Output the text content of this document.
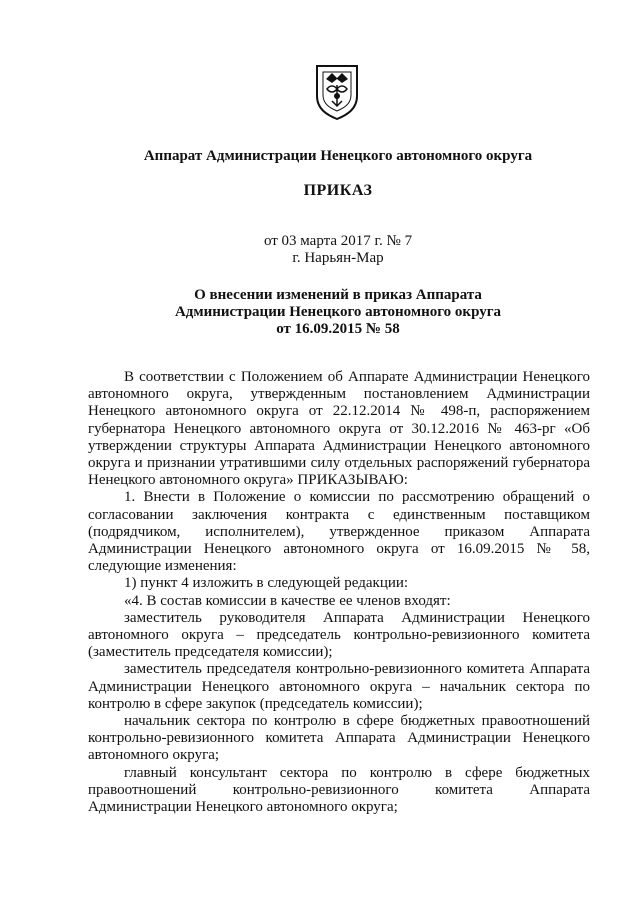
Аппарат Администрации Ненецкого автономного округа
ПРИКАЗ
от 03 марта 2017 г. № 7
г. Нарьян-Мар
О внесении изменений в приказ Аппарата
Администрации Ненецкого автономного округа
от 16.09.2015 № 58

В соответствии с Положением об Аппарате Администрации Ненецкого автономного округа, утвержденным постановлением Администрации Ненецкого автономного округа от 22.12.2014 № 498-п, распоряжением губернатора Ненецкого автономного округа от 30.12.2016 № 463-рг «Об утверждении структуры Аппарата Администрации Ненецкого автономного округа и признании утратившими силу отдельных распоряжений губернатора Ненецкого автономного округа» ПРИКАЗЫВАЮ:

1. Внести в Положение о комиссии по рассмотрению обращений о согласовании заключения контракта с единственным поставщиком (подрядчиком, исполнителем), утвержденное приказом Аппарата Администрации Ненецкого автономного округа от 16.09.2015 № 58, следующие изменения:

1) пункт 4 изложить в следующей редакции:

«4. В состав комиссии в качестве ее членов входят:

заместитель руководителя Аппарата Администрации Ненецкого автономного округа – председатель контрольно-ревизионного комитета (заместитель председателя комиссии);

заместитель председателя контрольно-ревизионного комитета Аппарата Администрации Ненецкого автономного округа – начальник сектора по контролю в сфере закупок (председатель комиссии);

начальник сектора по контролю в сфере бюджетных правоотношений контрольно-ревизионного комитета Аппарата Администрации Ненецкого автономного округа;

главный консультант сектора по контролю в сфере бюджетных правоотношений контрольно-ревизионного комитета Аппарата Администрации Ненецкого автономного округа;
